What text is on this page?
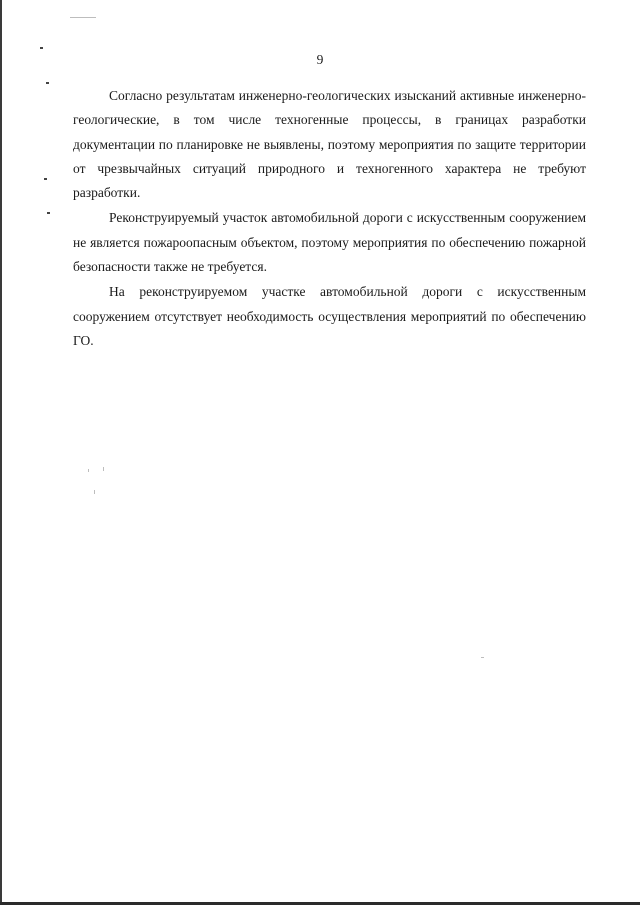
9

Согласно результатам инженерно-геологических изысканий активные инженерно-геологические, в том числе техногенные процессы, в границах разработки документации по планировке не выявлены, поэтому мероприятия по защите территории от чрезвычайных ситуаций природного и техногенного характера не требуют разработки.

Реконструируемый участок автомобильной дороги с искусственным сооружением не является пожароопасным объектом, поэтому мероприятия по обеспечению пожарной безопасности также не требуется.

На реконструируемом участке автомобильной дороги с искусственным сооружением отсутствует необходимость осуществления мероприятий по обеспечению ГО.
